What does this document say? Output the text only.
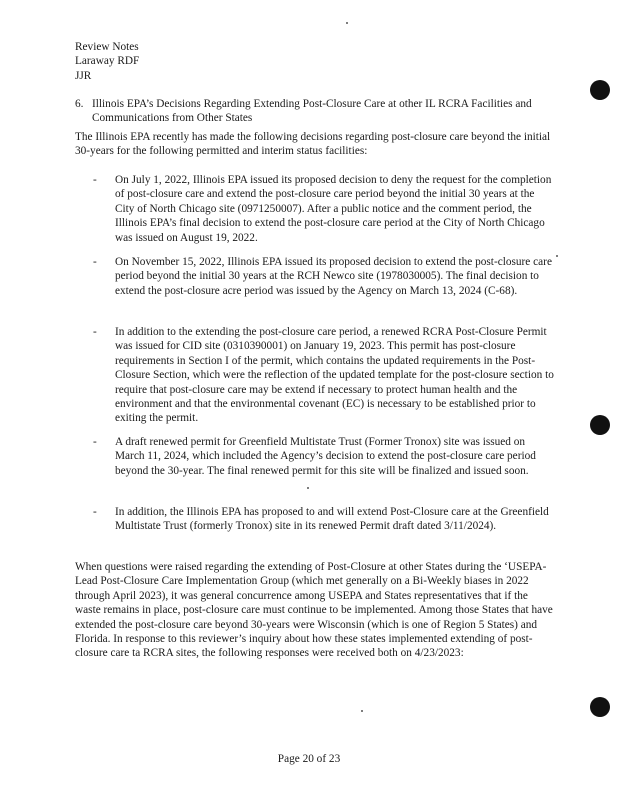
Review Notes
Laraway RDF
JJR
6. Illinois EPA’s Decisions Regarding Extending Post-Closure Care at other IL RCRA Facilities and Communications from Other States
The Illinois EPA recently has made the following decisions regarding post-closure care beyond the initial 30-years for the following permitted and interim status facilities:
- On July 1, 2022, Illinois EPA issued its proposed decision to deny the request for the completion of post-closure care and extend the post-closure care period beyond the initial 30 years at the City of North Chicago site (0971250007). After a public notice and the comment period, the Illinois EPA’s final decision to extend the post-closure care period at the City of North Chicago was issued on August 19, 2022.
- On November 15, 2022, Illinois EPA issued its proposed decision to extend the post-closure care period beyond the initial 30 years at the RCH Newco site (1978030005). The final decision to extend the post-closure acre period was issued by the Agency on March 13, 2024 (C-68).
- In addition to the extending the post-closure care period, a renewed RCRA Post-Closure Permit was issued for CID site (0310390001) on January 19, 2023. This permit has post-closure requirements in Section I of the permit, which contains the updated requirements in the Post-Closure Section, which were the reflection of the updated template for the post-closure section to require that post-closure care may be extend if necessary to protect human health and the environment and that the environmental covenant (EC) is necessary to be established prior to exiting the permit.
- A draft renewed permit for Greenfield Multistate Trust (Former Tronox) site was issued on March 11, 2024, which included the Agency’s decision to extend the post-closure care period beyond the 30-year. The final renewed permit for this site will be finalized and issued soon.
- In addition, the Illinois EPA has proposed to and will extend Post-Closure care at the Greenfield Multistate Trust (formerly Tronox) site in its renewed Permit draft dated 3/11/2024).
When questions were raised regarding the extending of Post-Closure at other States during the ‘USEPA-Lead Post-Closure Care Implementation Group (which met generally on a Bi-Weekly biases in 2022 through April 2023), it was general concurrence among USEPA and States representatives that if the waste remains in place, post-closure care must continue to be implemented. Among those States that have extended the post-closure care beyond 30-years were Wisconsin (which is one of Region 5 States) and Florida. In response to this reviewer’s inquiry about how these states implemented extending of post-closure care ta RCRA sites, the following responses were received both on 4/23/2023:
Page 20 of 23
